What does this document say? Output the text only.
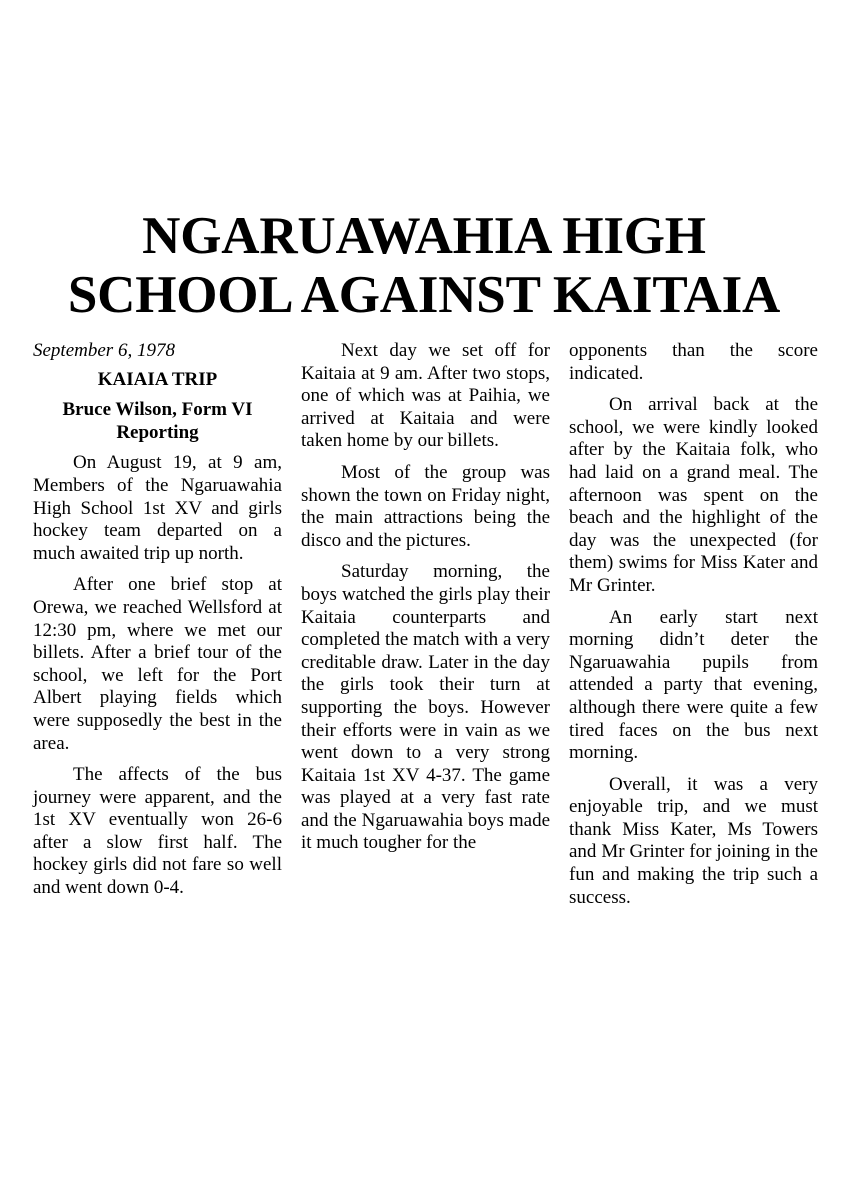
NGARUAWAHIA HIGH
SCHOOL AGAINST KAITAIA
September 6, 1978
KAIAIA TRIP
Bruce Wilson, Form VI Reporting

On August 19, at 9 am, Members of the Ngaruawahia High School 1st XV and girls hockey team departed on a much awaited trip up north.

After one brief stop at Orewa, we reached Wellsford at 12:30 pm, where we met our billets. After a brief tour of the school, we left for the Port Albert playing fields which were supposedly the best in the area.

The affects of the bus journey were apparent, and the 1st XV eventually won 26-6 after a slow first half. The hockey girls did not fare so well and went down 0-4.

Next day we set off for Kaitaia at 9 am. After two stops, one of which was at Paihia, we arrived at Kaitaia and were taken home by our billets.

Most of the group was shown the town on Friday night, the main attractions being the disco and the pictures.

Saturday morning, the boys watched the girls play their Kaitaia counterparts and completed the match with a very creditable draw. Later in the day the girls took their turn at supporting the boys. However their efforts were in vain as we went down to a very strong Kaitaia 1st XV 4-37. The game was played at a very fast rate and the Ngaruawahia boys made it much tougher for the

opponents than the score indicated.

On arrival back at the school, we were kindly looked after by the Kaitaia folk, who had laid on a grand meal. The afternoon was spent on the beach and the highlight of the day was the unexpected (for them) swims for Miss Kater and Mr Grinter.

An early start next morning didn’t deter the Ngaruawahia pupils from attended a party that evening, although there were quite a few tired faces on the bus next morning.

Overall, it was a very enjoyable trip, and we must thank Miss Kater, Ms Towers and Mr Grinter for joining in the fun and making the trip such a success.
